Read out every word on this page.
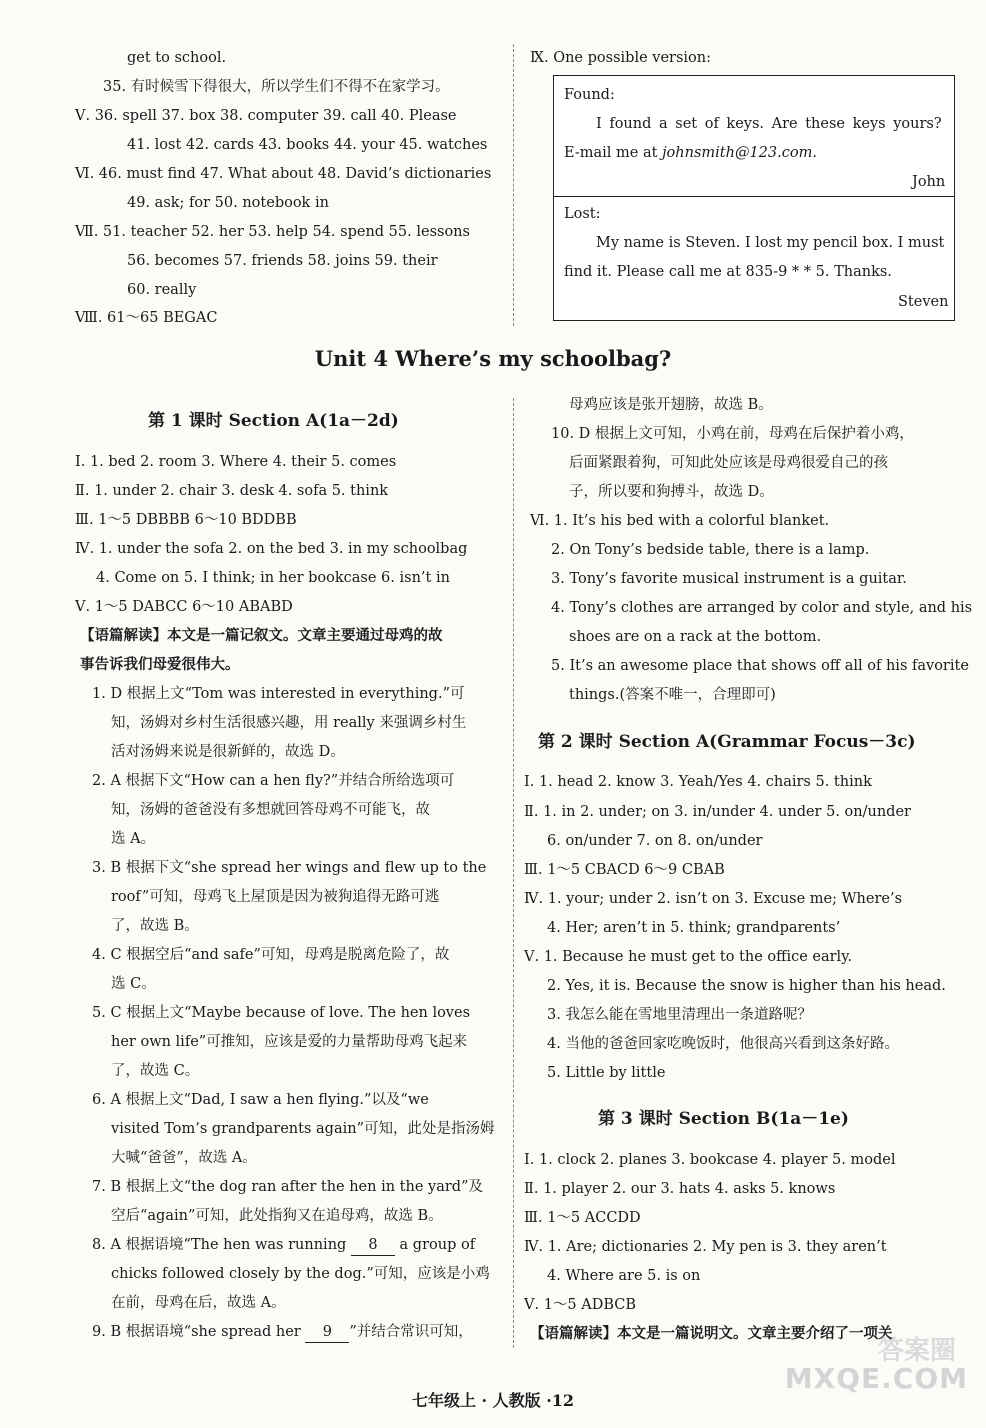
get to school.
35. 有时候雪下得很大，所以学生们不得不在家学习。
Ⅴ. 36. spell 37. box 38. computer 39. call 40. Please
41. lost 42. cards 43. books 44. your 45. watches
Ⅵ. 46. must find 47. What about 48. David’s dictionaries
49. ask; for 50. notebook in
Ⅶ. 51. teacher 52. her 53. help 54. spend 55. lessons
56. becomes 57. friends 58. joins 59. their
60. really
Ⅷ. 61～65 BEGAC
Ⅸ. One possible version:
Found:
I found a set of keys. Are these keys yours?
E-mail me at johnsmith@123.com.
John
Lost:
My name is Steven. I lost my pencil box. I must
find it. Please call me at 835-9 * * 5. Thanks.
Steven
Unit 4 Where’s my schoolbag?
第 1 课时 Section A(1a－2d)
Ⅰ. 1. bed 2. room 3. Where 4. their 5. comes
Ⅱ. 1. under 2. chair 3. desk 4. sofa 5. think
Ⅲ. 1～5 DBBBB 6～10 BDDBB
Ⅳ. 1. under the sofa 2. on the bed 3. in my schoolbag
4. Come on 5. I think; in her bookcase 6. isn’t in
Ⅴ. 1～5 DABCC 6～10 ABABD
【语篇解读】本文是一篇记叙文。文章主要通过母鸡的故
事告诉我们母爱很伟大。
1. D 根据上文“Tom was interested in everything.”可
知，汤姆对乡村生活很感兴趣，用 really 来强调乡村生
活对汤姆来说是很新鲜的，故选 D。
2. A 根据下文“How can a hen fly?”并结合所给选项可
知，汤姆的爸爸没有多想就回答母鸡不可能飞，故
选 A。
3. B 根据下文“she spread her wings and flew up to the
roof”可知，母鸡飞上屋顶是因为被狗追得无路可逃
了，故选 B。
4. C 根据空后“and safe”可知，母鸡是脱离危险了，故
选 C。
5. C 根据上文“Maybe because of love. The hen loves
her own life”可推知，应该是爱的力量帮助母鸡飞起来
了，故选 C。
6. A 根据上文“Dad, I saw a hen flying.”以及“we
visited Tom’s grandparents again”可知，此处是指汤姆
大喊“爸爸”，故选 A。
7. B 根据上文“the dog ran after the hen in the yard”及
空后“again”可知，此处指狗又在追母鸡，故选 B。
8. A 根据语境“The hen was running 8 a group of
chicks followed closely by the dog.”可知，应该是小鸡
在前，母鸡在后，故选 A。
9. B 根据语境“she spread her 9 ”并结合常识可知，
母鸡应该是张开翅膀，故选 B。
10. D 根据上文可知，小鸡在前，母鸡在后保护着小鸡，
后面紧跟着狗，可知此处应该是母鸡很爱自己的孩
子，所以要和狗搏斗，故选 D。
Ⅵ. 1. It’s his bed with a colorful blanket.
2. On Tony’s bedside table, there is a lamp.
3. Tony’s favorite musical instrument is a guitar.
4. Tony’s clothes are arranged by color and style, and his
shoes are on a rack at the bottom.
5. It’s an awesome place that shows off all of his favorite
things.(答案不唯一，合理即可)
第 2 课时 Section A(Grammar Focus－3c)
Ⅰ. 1. head 2. know 3. Yeah/Yes 4. chairs 5. think
Ⅱ. 1. in 2. under; on 3. in/under 4. under 5. on/under
6. on/under 7. on 8. on/under
Ⅲ. 1～5 CBACD 6～9 CBAB
Ⅳ. 1. your; under 2. isn’t on 3. Excuse me; Where’s
4. Her; aren’t in 5. think; grandparents’
Ⅴ. 1. Because he must get to the office early.
2. Yes, it is. Because the snow is higher than his head.
3. 我怎么能在雪地里清理出一条道路呢？
4. 当他的爸爸回家吃晚饭时，他很高兴看到这条好路。
5. Little by little
第 3 课时 Section B(1a－1e)
Ⅰ. 1. clock 2. planes 3. bookcase 4. player 5. model
Ⅱ. 1. player 2. our 3. hats 4. asks 5. knows
Ⅲ. 1～5 ACCDD
Ⅳ. 1. Are; dictionaries 2. My pen is 3. they aren’t
4. Where are 5. is on
Ⅴ. 1～5 ADBCB
【语篇解读】本文是一篇说明文。文章主要介绍了一项关
七年级上 · 人教版 ·12
答案圈
MXQE.COM
